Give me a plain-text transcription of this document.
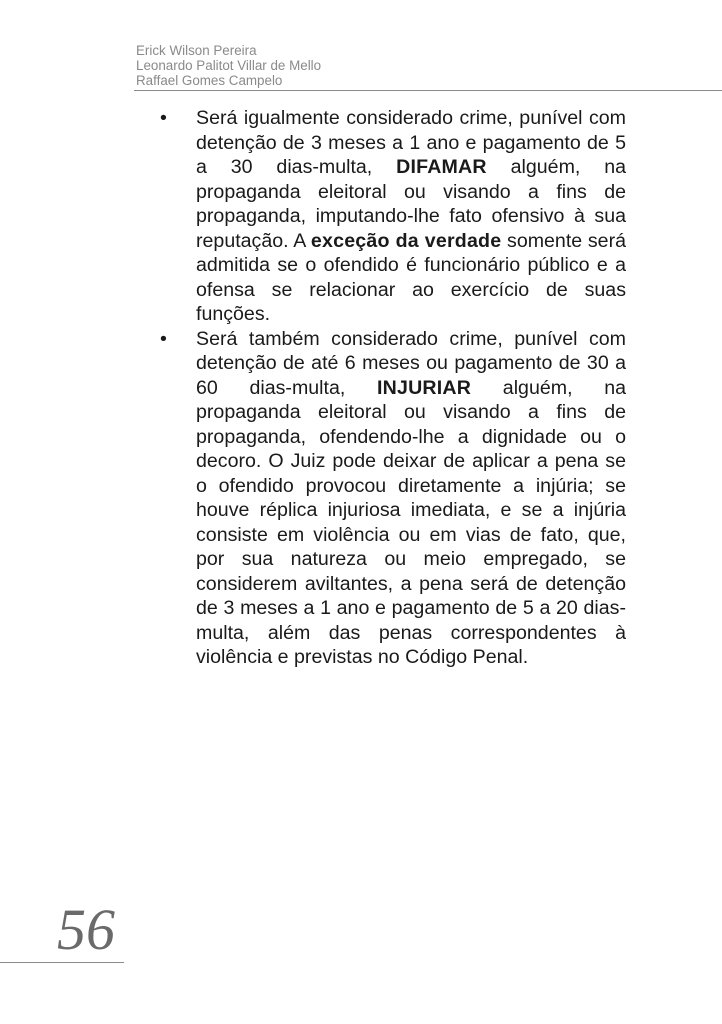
Erick Wilson Pereira
Leonardo Palitot Villar de Mello
Raffael Gomes Campelo
• Será igualmente considerado crime, punível com detenção de 3 meses a 1 ano e pagamento de 5 a 30 dias-multa, DIFAMAR alguém, na propaganda eleitoral ou visando a fins de propaganda, imputando-lhe fato ofensivo à sua reputação. A exceção da verdade somente será admitida se o ofendido é funcionário público e a ofensa se relacionar ao exercício de suas funções.
• Será também considerado crime, punível com detenção de até 6 meses ou pagamento de 30 a 60 dias-multa, INJURIAR alguém, na propaganda eleitoral ou visando a fins de propaganda, ofendendo-lhe a dignidade ou o decoro. O Juiz pode deixar de aplicar a pena se o ofendido provocou diretamente a injúria; se houve réplica injuriosa imediata, e se a injúria consiste em violência ou em vias de fato, que, por sua natureza ou meio empregado, se considerem aviltantes, a pena será de detenção de 3 meses a 1 ano e pagamento de 5 a 20 dias-multa, além das penas correspondentes à violência e previstas no Código Penal.
56
